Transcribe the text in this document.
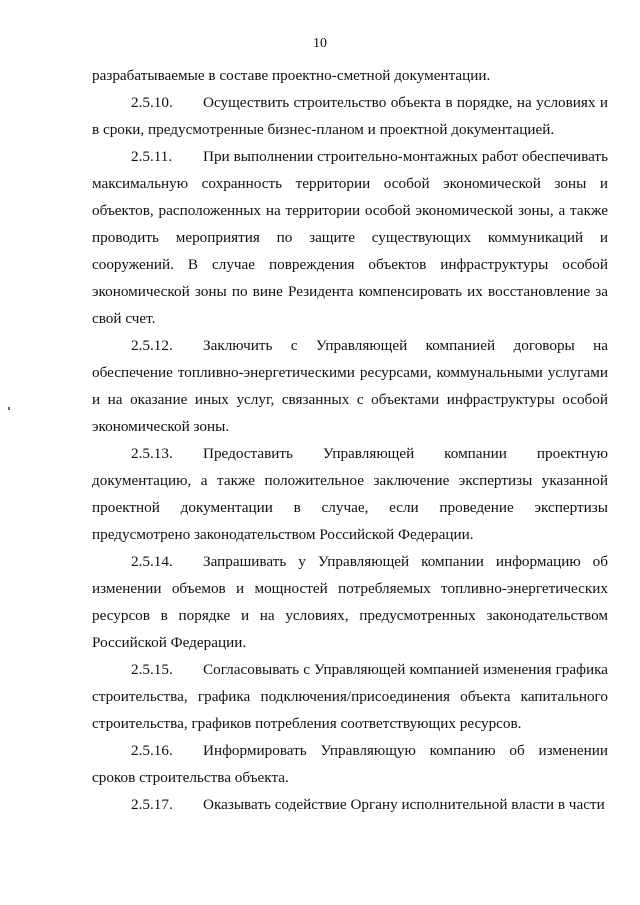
10

разрабатываемые в составе проектно-сметной документации.

2.5.10. Осуществить строительство объекта в порядке, на условиях и в сроки, предусмотренные бизнес-планом и проектной документацией.

2.5.11. При выполнении строительно-монтажных работ обеспечивать максимальную сохранность территории особой экономической зоны и объектов, расположенных на территории особой экономической зоны, а также проводить мероприятия по защите существующих коммуникаций и сооружений. В случае повреждения объектов инфраструктуры особой экономической зоны по вине Резидента компенсировать их восстановление за свой счет.

2.5.12. Заключить с Управляющей компанией договоры на обеспечение топливно-энергетическими ресурсами, коммунальными услугами и на оказание иных услуг, связанных с объектами инфраструктуры особой экономической зоны.

2.5.13. Предоставить Управляющей компании проектную документацию, а также положительное заключение экспертизы указанной проектной документации в случае, если проведение экспертизы предусмотрено законодательством Российской Федерации.

2.5.14. Запрашивать у Управляющей компании информацию об изменении объемов и мощностей потребляемых топливно-энергетических ресурсов в порядке и на условиях, предусмотренных законодательством Российской Федерации.

2.5.15. Согласовывать с Управляющей компанией изменения графика строительства, графика подключения/присоединения объекта капитального строительства, графиков потребления соответствующих ресурсов.

2.5.16. Информировать Управляющую компанию об изменении сроков строительства объекта.

2.5.17. Оказывать содействие Органу исполнительной власти в части
